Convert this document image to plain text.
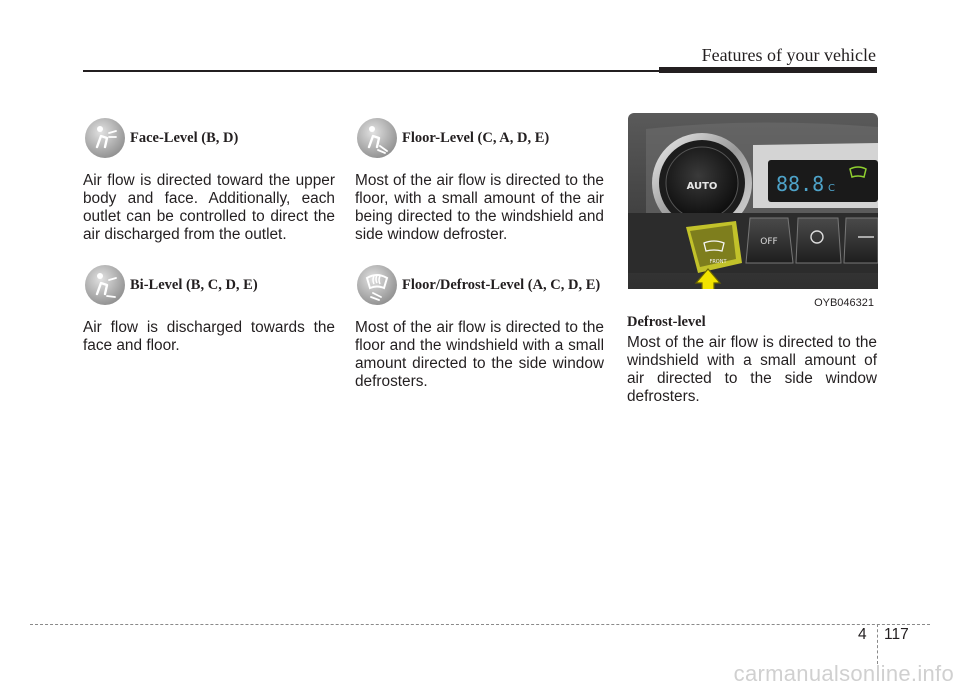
Features of your vehicle
Face-Level (B, D)
Air flow is directed toward the upper body and face. Additionally, each outlet can be controlled to direct the air discharged from the outlet.
Bi-Level (B, C, D, E)
Air flow is discharged towards the face and floor.
Floor-Level (C, A, D, E)
Most of the air flow is directed to the floor, with a small amount of the air being directed to the windshield and side window defroster.
Floor/Defrost-Level (A, C, D, E)
Most of the air flow is directed to the floor and the windshield with a small amount directed to the side window defrosters.
88.8 C
AUTO
OFF
FRONT
OYB046321
Defrost-level
Most of the air flow is directed to the windshield with a small amount of air directed to the side window defrosters.
4 117
carmanualsonline.info
